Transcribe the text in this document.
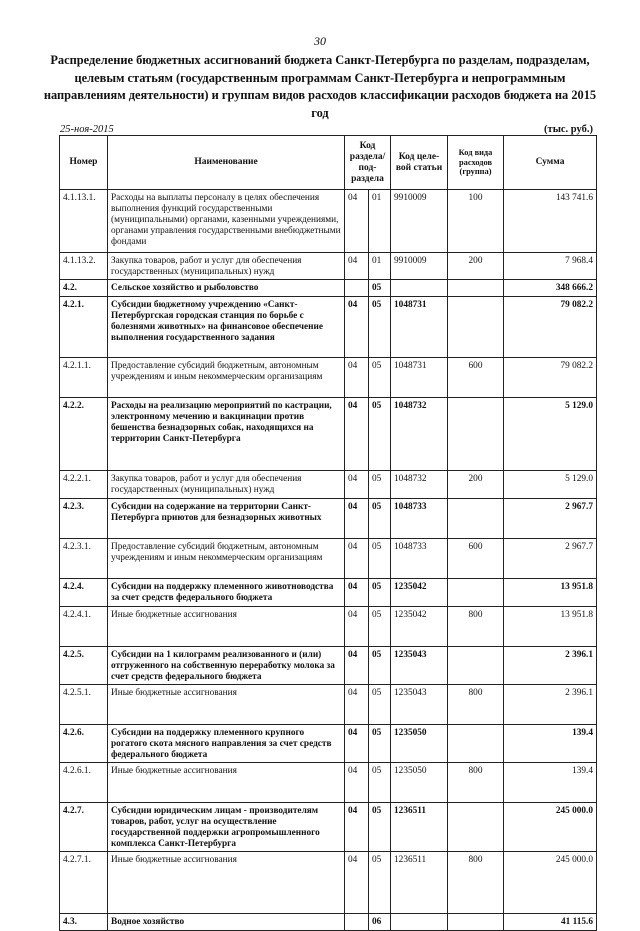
30
Распределение бюджетных ассигнований бюджета Санкт-Петербурга по разделам, подразделам, целевым статьям (государственным программам Санкт-Петербурга и непрограммным направлениям деятельности) и группам видов расходов классификации расходов бюджета на 2015 год
25-ноя-2015	(тыс. руб.)
Номер	Наименование	Код раздела/ под-раздела		Код целе-вой статьи	Код вида расходов (группа)	Сумма
4.1.13.1.	Расходы на выплаты персоналу в целях обеспечения выполнения функций государственными (муниципальными) органами, казенными учреждениями, органами управления государственными внебюджетными фондами	04	01	9910009	100	143 741.6
4.1.13.2.	Закупка товаров, работ и услуг для обеспечения государственных (муниципальных) нужд	04	01	9910009	200	7 968.4
4.2.	Сельское хозяйство и рыболовство		05			348 666.2
4.2.1.	Субсидии бюджетному учреждению «Санкт-Петербургская городская станция по борьбе с болезнями животных» на финансовое обеспечение выполнения государственного задания	04	05	1048731		79 082.2
4.2.1.1.	Предоставление субсидий бюджетным, автономным учреждениям и иным некоммерческим организациям	04	05	1048731	600	79 082.2
4.2.2.	Расходы на реализацию мероприятий по кастрации, электронному мечению и вакцинации против бешенства безнадзорных собак, находящихся на территории Санкт-Петербурга	04	05	1048732		5 129.0
4.2.2.1.	Закупка товаров, работ и услуг для обеспечения государственных (муниципальных) нужд	04	05	1048732	200	5 129.0
4.2.3.	Субсидии на содержание на территории Санкт-Петербурга приютов для безнадзорных животных	04	05	1048733		2 967.7
4.2.3.1.	Предоставление субсидий бюджетным, автономным учреждениям и иным некоммерческим организациям	04	05	1048733	600	2 967.7
4.2.4.	Субсидии на поддержку племенного животноводства за счет средств федерального бюджета	04	05	1235042		13 951.8
4.2.4.1.	Иные бюджетные ассигнования	04	05	1235042	800	13 951.8
4.2.5.	Субсидии на 1 килограмм реализованного и (или) отгруженного на собственную переработку молока за счет средств федерального бюджета	04	05	1235043		2 396.1
4.2.5.1.	Иные бюджетные ассигнования	04	05	1235043	800	2 396.1
4.2.6.	Субсидии на поддержку племенного крупного рогатого скота мясного направления за счет средств федерального бюджета	04	05	1235050		139.4
4.2.6.1.	Иные бюджетные ассигнования	04	05	1235050	800	139.4
4.2.7.	Субсидии юридическим лицам - производителям товаров, работ, услуг на осуществление государственной поддержки агропромышленного комплекса Санкт-Петербурга	04	05	1236511		245 000.0
4.2.7.1.	Иные бюджетные ассигнования	04	05	1236511	800	245 000.0
4.3.	Водное хозяйство		06			41 115.6
